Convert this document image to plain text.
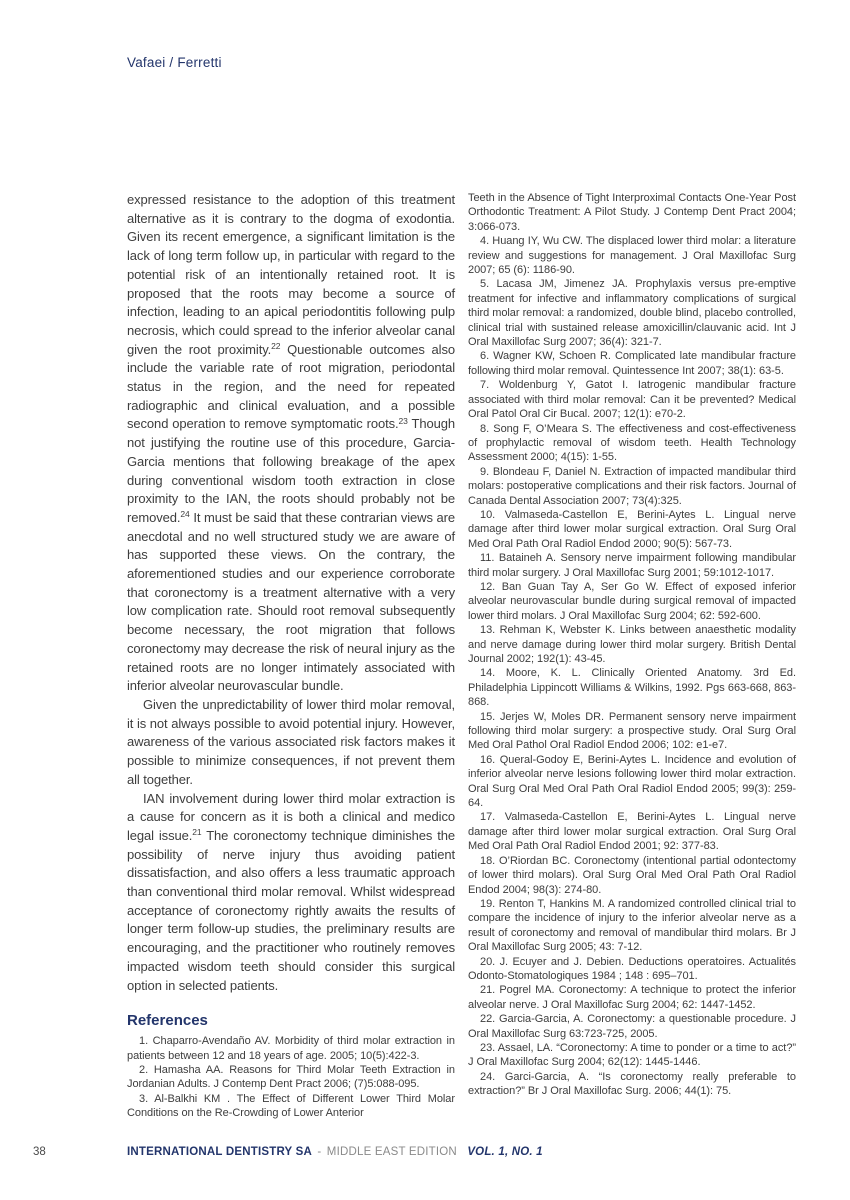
Vafaei / Ferretti

expressed resistance to the adoption of this treatment alternative as it is contrary to the dogma of exodontia. Given its recent emergence, a significant limitation is the lack of long term follow up, in particular with regard to the potential risk of an intentionally retained root. It is proposed that the roots may become a source of infection, leading to an apical periodontitis following pulp necrosis, which could spread to the inferior alveolar canal given the root proximity.$^{22}$ Questionable outcomes also include the variable rate of root migration, periodontal status in the region, and the need for repeated radiographic and clinical evaluation, and a possible second operation to remove symptomatic roots.$^{23}$ Though not justifying the routine use of this procedure, Garcia-Garcia mentions that following breakage of the apex during conventional wisdom tooth extraction in close proximity to the IAN, the roots should probably not be removed.$^{24}$ It must be said that these contrarian views are anecdotal and no well structured study we are aware of has supported these views. On the contrary, the aforementioned studies and our experience corroborate that coronectomy is a treatment alternative with a very low complication rate. Should root removal subsequently become necessary, the root migration that follows coronectomy may decrease the risk of neural injury as the retained roots are no longer intimately associated with inferior alveolar neurovascular bundle.

Given the unpredictability of lower third molar removal, it is not always possible to avoid potential injury. However, awareness of the various associated risk factors makes it possible to minimize consequences, if not prevent them all together.

IAN involvement during lower third molar extraction is a cause for concern as it is both a clinical and medico legal issue.$^{21}$ The coronectomy technique diminishes the possibility of nerve injury thus avoiding patient dissatisfaction, and also offers a less traumatic approach than conventional third molar removal. Whilst widespread acceptance of coronectomy rightly awaits the results of longer term follow-up studies, the preliminary results are encouraging, and the practitioner who routinely removes impacted wisdom teeth should consider this surgical option in selected patients.

References

1. Chaparro-Avendaño AV. Morbidity of third molar extraction in patients between 12 and 18 years of age. 2005; 10(5):422-3.

2. Hamasha AA. Reasons for Third Molar Teeth Extraction in Jordanian Adults. J Contemp Dent Pract 2006; (7)5:088-095.

3. Al-Balkhi KM . The Effect of Different Lower Third Molar Conditions on the Re-Crowding of Lower Anterior

Teeth in the Absence of Tight Interproximal Contacts One-Year Post Orthodontic Treatment: A Pilot Study. J Contemp Dent Pract 2004; 3:066-073.

4. Huang IY, Wu CW. The displaced lower third molar: a literature review and suggestions for management. J Oral Maxillofac Surg 2007; 65 (6): 1186-90.

5. Lacasa JM, Jimenez JA. Prophylaxis versus pre-emptive treatment for infective and inflammatory complications of surgical third molar removal: a randomized, double blind, placebo controlled, clinical trial with sustained release amoxicillin/clauvanic acid. Int J Oral Maxillofac Surg 2007; 36(4): 321-7.

6. Wagner KW, Schoen R. Complicated late mandibular fracture following third molar removal. Quintessence Int 2007; 38(1): 63-5.

7. Woldenburg Y, Gatot I. Iatrogenic mandibular fracture associated with third molar removal: Can it be prevented? Medical Oral Patol Oral Cir Bucal. 2007; 12(1): e70-2.

8. Song F, O’Meara S. The effectiveness and cost-effectiveness of prophylactic removal of wisdom teeth. Health Technology Assessment 2000; 4(15): 1-55.

9. Blondeau F, Daniel N. Extraction of impacted mandibular third molars: postoperative complications and their risk factors. Journal of Canada Dental Association 2007; 73(4):325.

10. Valmaseda-Castellon E, Berini-Aytes L. Lingual nerve damage after third lower molar surgical extraction. Oral Surg Oral Med Oral Path Oral Radiol Endod 2000; 90(5): 567-73.

11. Bataineh A. Sensory nerve impairment following mandibular third molar surgery. J Oral Maxillofac Surg 2001; 59:1012-1017.

12. Ban Guan Tay A, Ser Go W. Effect of exposed inferior alveolar neurovascular bundle during surgical removal of impacted lower third molars. J Oral Maxillofac Surg 2004; 62: 592-600.

13. Rehman K, Webster K. Links between anaesthetic modality and nerve damage during lower third molar surgery. British Dental Journal 2002; 192(1): 43-45.

14. Moore, K. L. Clinically Oriented Anatomy. 3rd Ed. Philadelphia Lippincott Williams & Wilkins, 1992. Pgs 663-668, 863-868.

15. Jerjes W, Moles DR. Permanent sensory nerve impairment following third molar surgery: a prospective study. Oral Surg Oral Med Oral Pathol Oral Radiol Endod 2006; 102: e1-e7.

16. Queral-Godoy E, Berini-Aytes L. Incidence and evolution of inferior alveolar nerve lesions following lower third molar extraction. Oral Surg Oral Med Oral Path Oral Radiol Endod 2005; 99(3): 259-64.

17. Valmaseda-Castellon E, Berini-Aytes L. Lingual nerve damage after third lower molar surgical extraction. Oral Surg Oral Med Oral Path Oral Radiol Endod 2001; 92: 377-83.

18. O’Riordan BC. Coronectomy (intentional partial odontectomy of lower third molars). Oral Surg Oral Med Oral Path Oral Radiol Endod 2004; 98(3): 274-80.

19. Renton T, Hankins M. A randomized controlled clinical trial to compare the incidence of injury to the inferior alveolar nerve as a result of coronectomy and removal of mandibular third molars. Br J Oral Maxillofac Surg 2005; 43: 7-12.

20. J. Ecuyer and J. Debien. Deductions operatoires. Actualités Odonto-Stomatologiques 1984 ; 148 : 695–701.

21. Pogrel MA. Coronectomy: A technique to protect the inferior alveolar nerve. J Oral Maxillofac Surg 2004; 62: 1447-1452.

22. Garcia-Garcia, A. Coronectomy: a questionable procedure. J Oral Maxillofac Surg 63:723-725, 2005.

23. Assael, LA. “Coronectomy: A time to ponder or a time to act?” J Oral Maxillofac Surg 2004; 62(12): 1445-1446.

24. Garci-Garcia, A. “Is coronectomy really preferable to extraction?” Br J Oral Maxillofac Surg. 2006; 44(1): 75.

38	INTERNATIONAL DENTISTRY SA - MIDDLE EAST EDITION VOL. 1, NO. 1
